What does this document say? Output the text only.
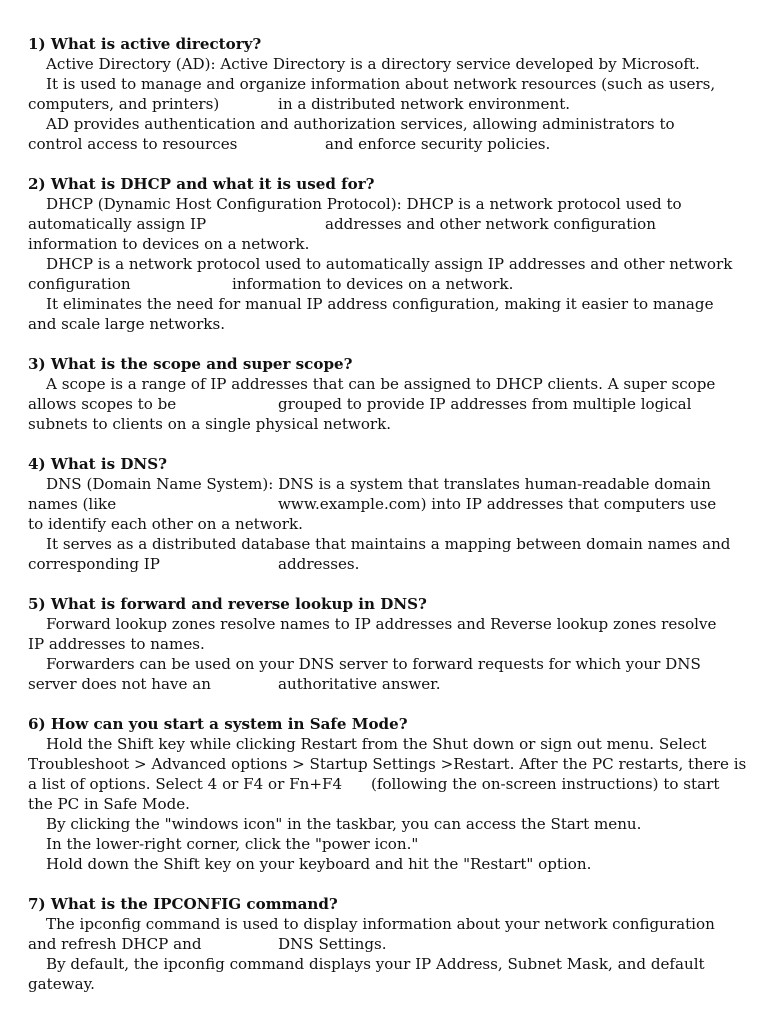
1) What is active directory?
Active Directory (AD): Active Directory is a directory service developed by Microsoft.
It is used to manage and organize information about network resources (such as users,
computers, and printers)	in a distributed network environment.
AD provides authentication and authorization services, allowing administrators to
control access to resources	and enforce security policies.
2) What is DHCP and what it is used for?
DHCP (Dynamic Host Configuration Protocol): DHCP is a network protocol used to
automatically assign IP	addresses and other network configuration
information to devices on a network.
DHCP is a network protocol used to automatically assign IP addresses and other network
configuration	information to devices on a network.
It eliminates the need for manual IP address configuration, making it easier to manage
and scale large networks.
3) What is the scope and super scope?
A scope is a range of IP addresses that can be assigned to DHCP clients. A super scope
allows scopes to be	grouped to provide IP addresses from multiple logical
subnets to clients on a single physical network.
4) What is DNS?
DNS (Domain Name System): DNS is a system that translates human-readable domain
names (like	www.example.com) into IP addresses that computers use
to identify each other on a network.
It serves as a distributed database that maintains a mapping between domain names and
corresponding IP	addresses.
5) What is forward and reverse lookup in DNS?
Forward lookup zones resolve names to IP addresses and Reverse lookup zones resolve
IP addresses to names.
Forwarders can be used on your DNS server to forward requests for which your DNS
server does not have an	authoritative answer.
6) How can you start a system in Safe Mode?
Hold the Shift key while clicking Restart from the Shut down or sign out menu. Select
Troubleshoot > Advanced options > Startup Settings >Restart. After the PC restarts, there is
a list of options. Select 4 or F4 or Fn+F4 (following the on-screen instructions) to start
the PC in Safe Mode.
By clicking the "windows icon" in the taskbar, you can access the Start menu.
In the lower-right corner, click the "power icon."
Hold down the Shift key on your keyboard and hit the "Restart" option.
7) What is the IPCONFIG command?
The ipconfig command is used to display information about your network configuration
and refresh DHCP and	DNS Settings.
By default, the ipconfig command displays your IP Address, Subnet Mask, and default
gateway.
